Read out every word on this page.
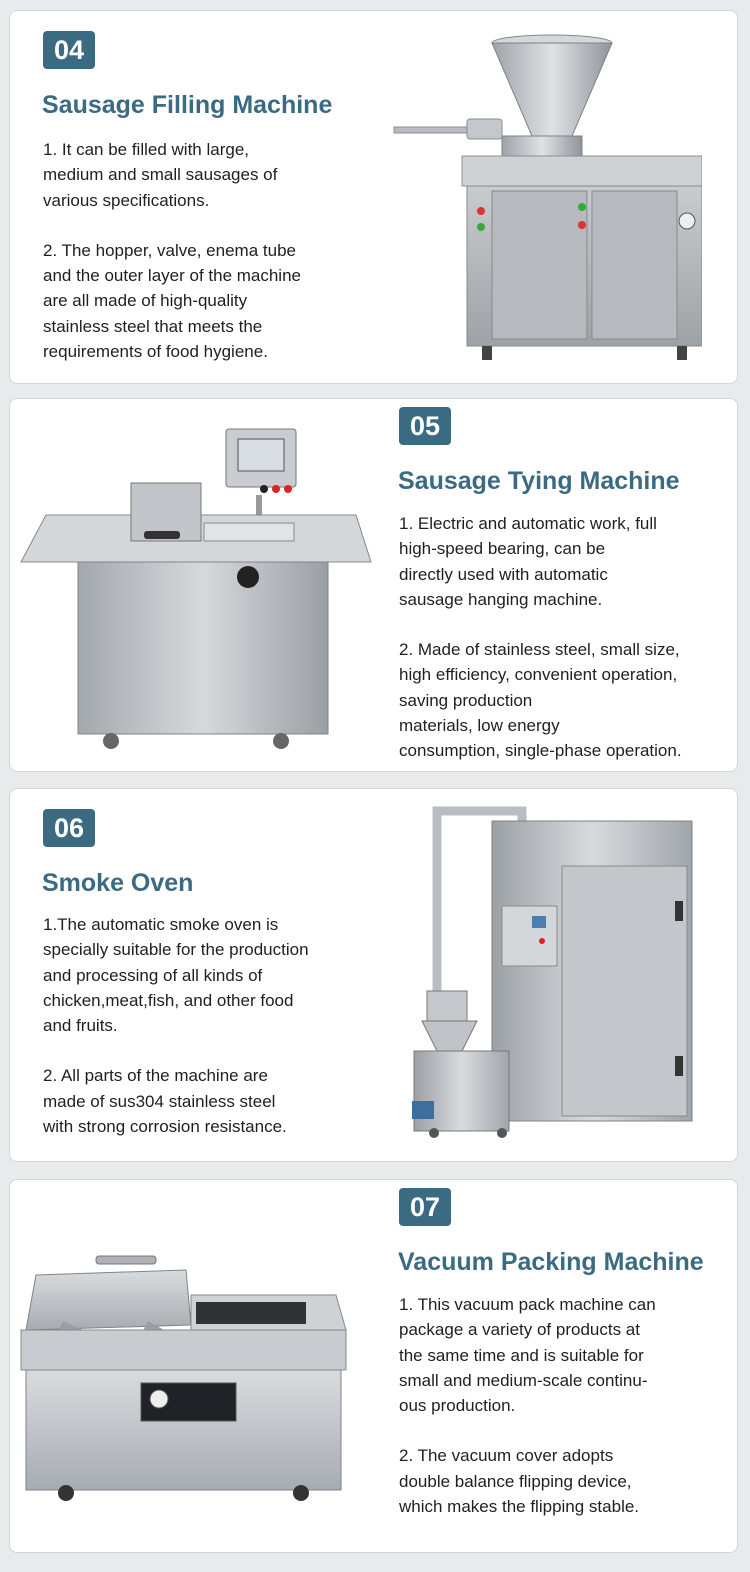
04
Sausage Filling Machine

1. It can be filled with large,
medium and small sausages of
various specifications.

2. The hopper, valve, enema tube
and the outer layer of the machine
are all made of high-quality
stainless steel that meets the
requirements of food hygiene.

05
Sausage Tying Machine

1. Electric and automatic work, full
high-speed bearing, can be
directly used with automatic
sausage hanging machine.

2. Made of stainless steel, small size,
high efficiency, convenient operation,
saving production
materials, low energy
consumption, single-phase operation.

06
Smoke Oven

1.The automatic smoke oven is
specially suitable for the production
and processing of all kinds of
chicken,meat,fish, and other food
and fruits.

2. All parts of the machine are
made of sus304 stainless steel
with strong corrosion resistance.

07
Vacuum Packing Machine

1. This vacuum pack machine can
package a variety of products at
the same time and is suitable for
small and medium-scale continu-
ous production.

2. The vacuum cover adopts
double balance flipping device,
which makes the flipping stable.
